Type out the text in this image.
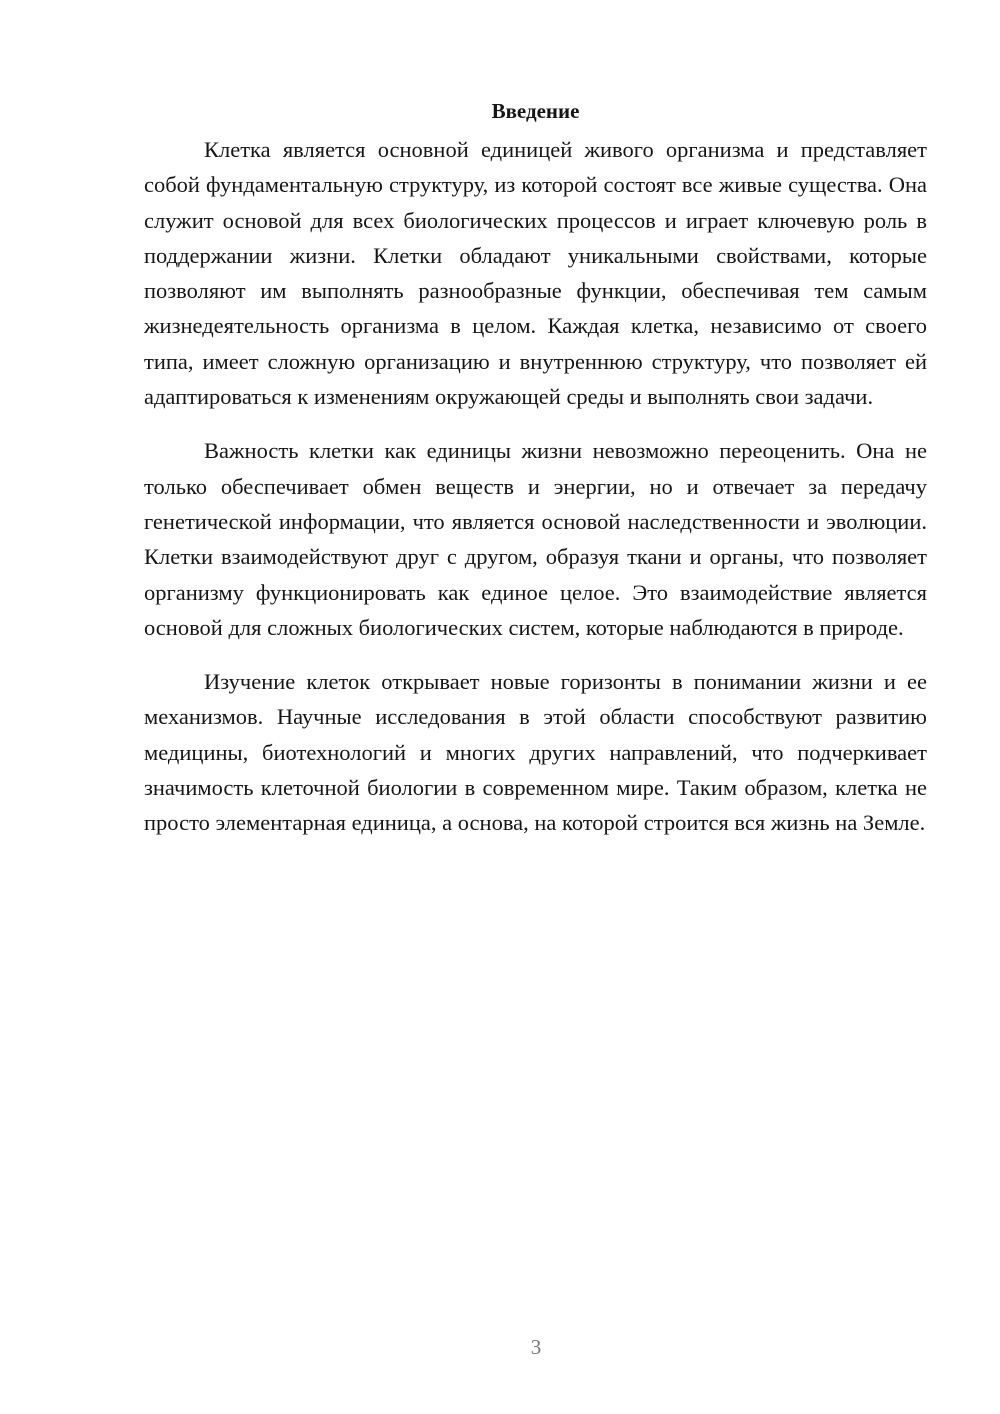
Введение

Клетка является основной единицей живого организма и представляет собой фундаментальную структуру, из которой состоят все живые существа. Она служит основой для всех биологических процессов и играет ключевую роль в поддержании жизни. Клетки обладают уникальными свойствами, которые позволяют им выполнять разнообразные функции, обеспечивая тем самым жизнедеятельность организма в целом. Каждая клетка, независимо от своего типа, имеет сложную организацию и внутреннюю структуру, что позволяет ей адаптироваться к изменениям окружающей среды и выполнять свои задачи.

Важность клетки как единицы жизни невозможно переоценить. Она не только обеспечивает обмен веществ и энергии, но и отвечает за передачу генетической информации, что является основой наследственности и эволюции. Клетки взаимодействуют друг с другом, образуя ткани и органы, что позволяет организму функционировать как единое целое. Это взаимодействие является основой для сложных биологических систем, которые наблюдаются в природе.

Изучение клеток открывает новые горизонты в понимании жизни и ее механизмов. Научные исследования в этой области способствуют развитию медицины, биотехнологий и многих других направлений, что подчеркивает значимость клеточной биологии в современном мире. Таким образом, клетка не просто элементарная единица, а основа, на которой строится вся жизнь на Земле.

3
